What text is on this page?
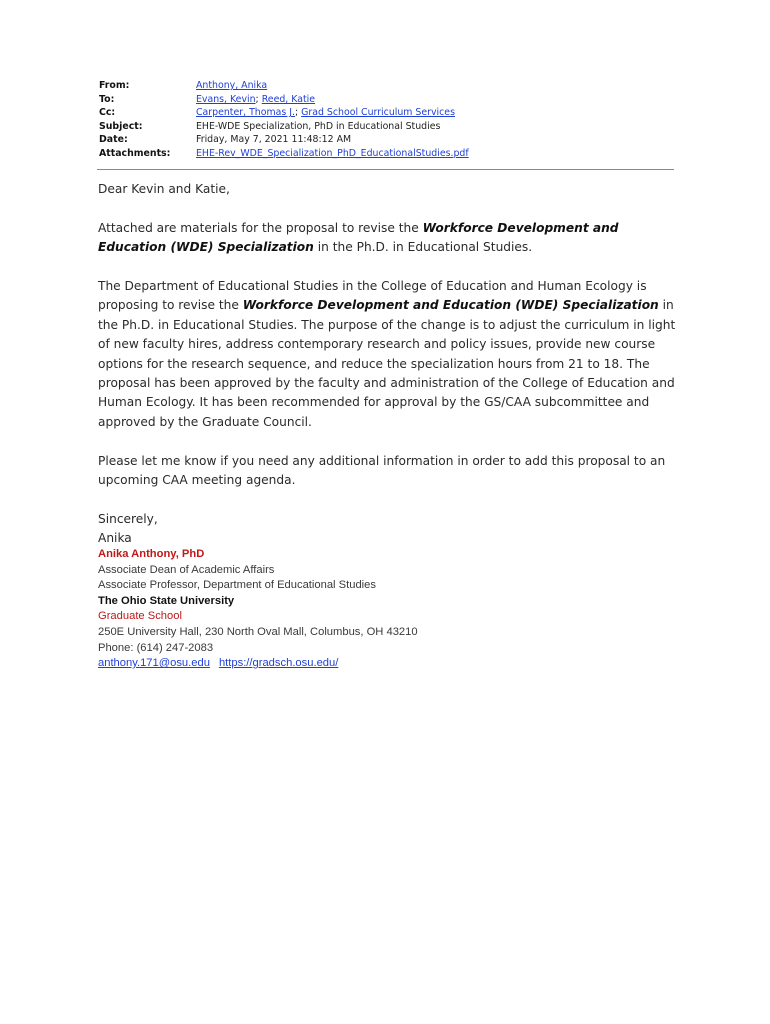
From:	Anthony, Anika
To:	Evans, Kevin; Reed, Katie
Cc:	Carpenter, Thomas J.; Grad School Curriculum Services
Subject:	EHE-WDE Specialization, PhD in Educational Studies
Date:	Friday, May 7, 2021 11:48:12 AM
Attachments:	EHE-Rev_WDE_Specialization_PhD_EducationalStudies.pdf

Dear Kevin and Katie,

Attached are materials for the proposal to revise the Workforce Development and Education (WDE) Specialization in the Ph.D. in Educational Studies.

The Department of Educational Studies in the College of Education and Human Ecology is proposing to revise the Workforce Development and Education (WDE) Specialization in the Ph.D. in Educational Studies. The purpose of the change is to adjust the curriculum in light of new faculty hires, address contemporary research and policy issues, provide new course options for the research sequence, and reduce the specialization hours from 21 to 18. The proposal has been approved by the faculty and administration of the College of Education and Human Ecology. It has been recommended for approval by the GS/CAA subcommittee and approved by the Graduate Council.

Please let me know if you need any additional information in order to add this proposal to an upcoming CAA meeting agenda.

Sincerely,
Anika

Anika Anthony, PhD
Associate Dean of Academic Affairs
Associate Professor, Department of Educational Studies
The Ohio State University
Graduate School
250E University Hall, 230 North Oval Mall, Columbus, OH 43210
Phone: (614) 247-2083
anthony.171@osu.edu https://gradsch.osu.edu/
